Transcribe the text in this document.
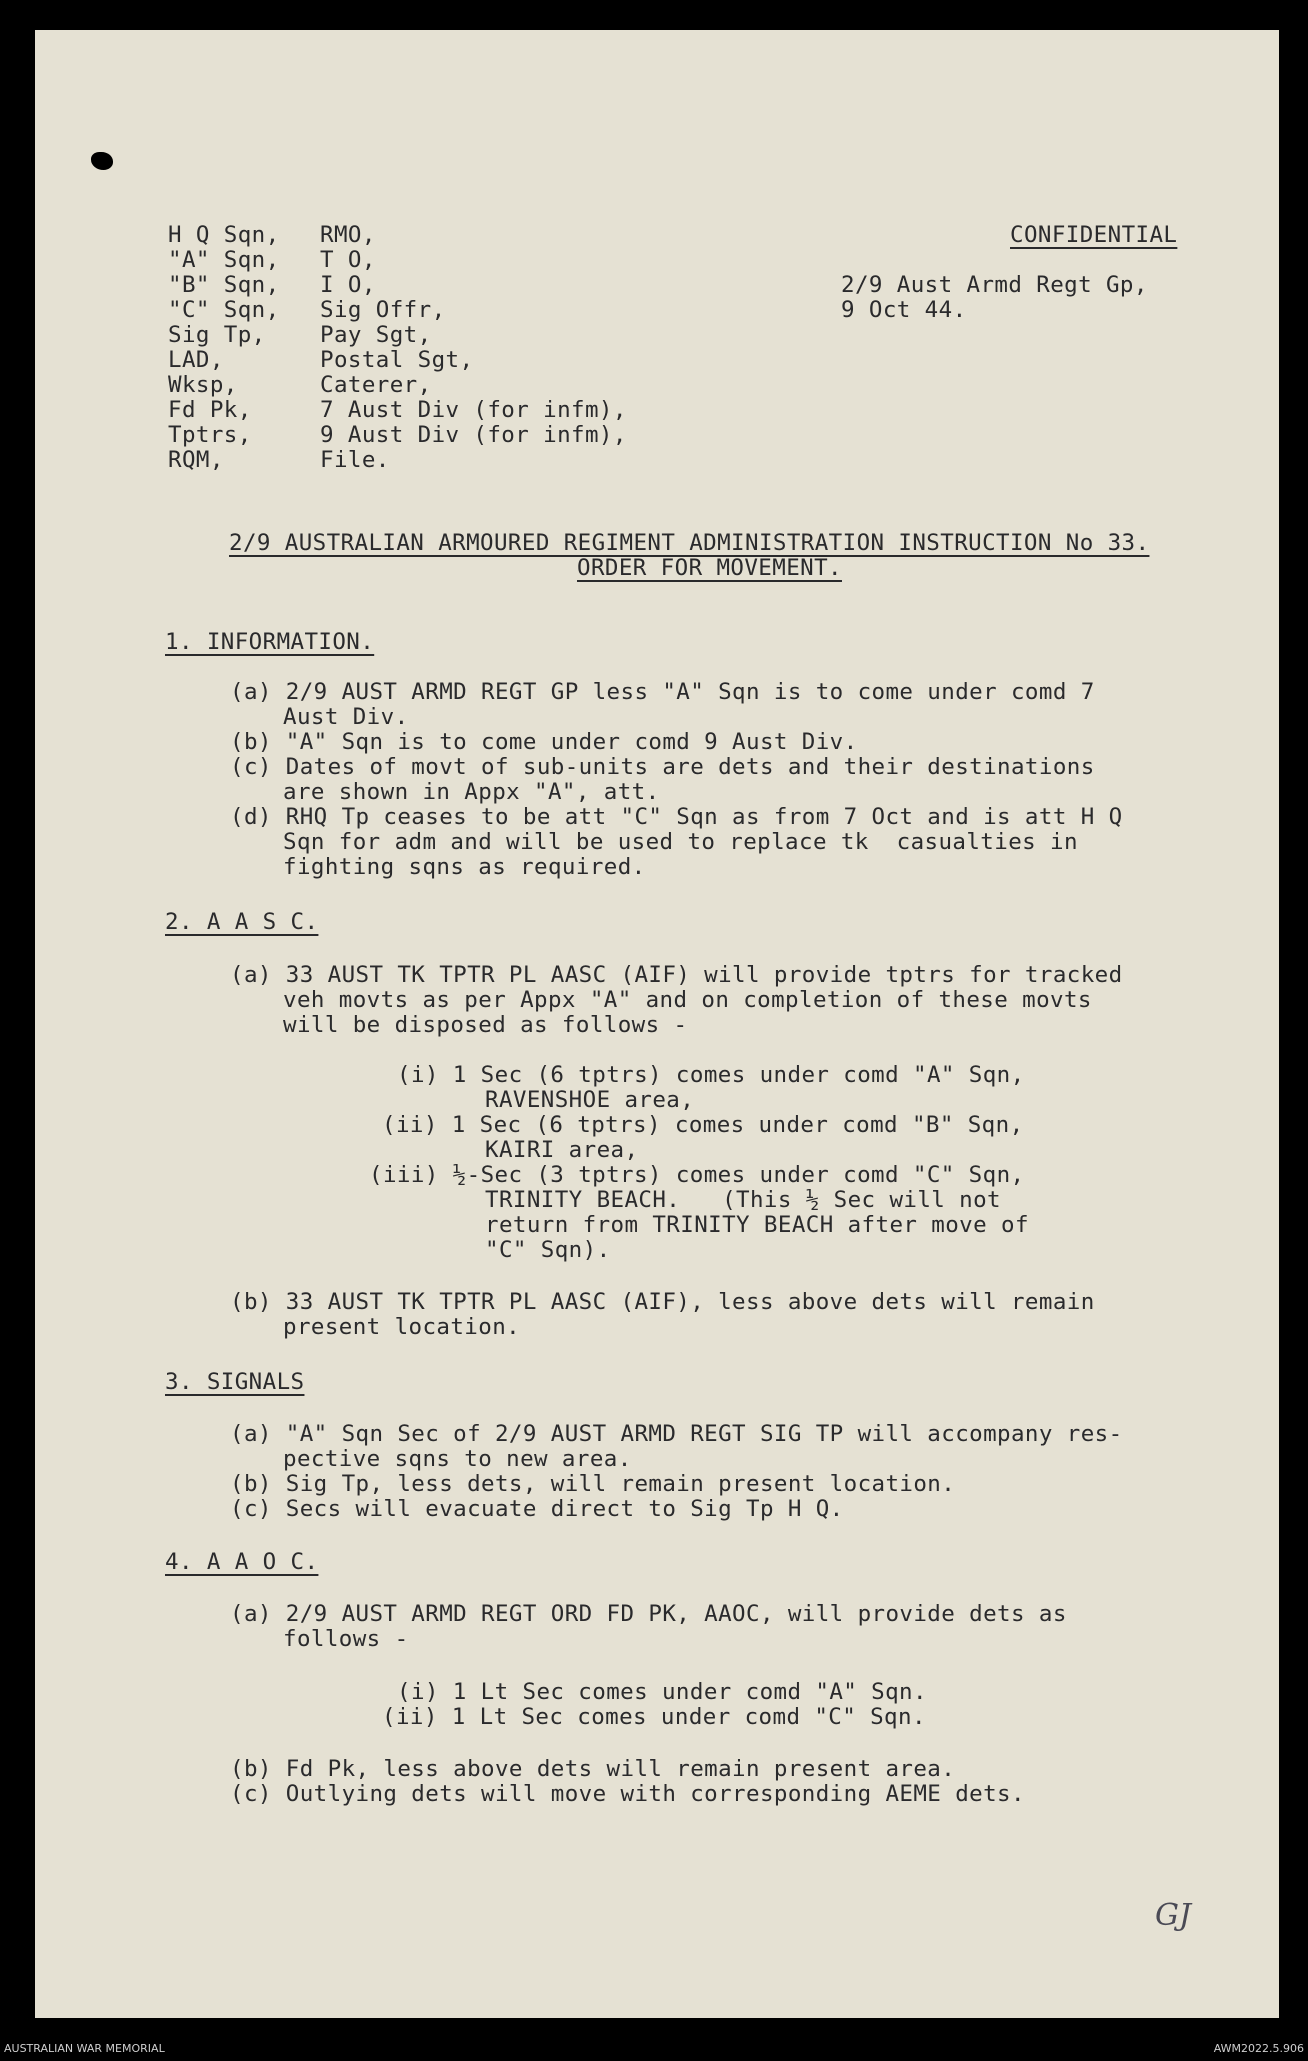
H Q Sqn,
"A" Sqn,
"B" Sqn,
"C" Sqn,
Sig Tp,
LAD,
Wksp,
Fd Pk,
Tptrs,
RQM,
RMO,
T O,
I O,
Sig Offr,
Pay Sgt,
Postal Sgt,
Caterer,
7 Aust Div (for infm),
9 Aust Div (for infm),
File.
CONFIDENTIAL
2/9 Aust Armd Regt Gp,
9 Oct 44.
2/9 AUSTRALIAN ARMOURED REGIMENT ADMINISTRATION INSTRUCTION No 33.
ORDER FOR MOVEMENT.
1. INFORMATION.
(a) 2/9 AUST ARMD REGT GP less "A" Sqn is to come under comd 7
Aust Div.
(b) "A" Sqn is to come under comd 9 Aust Div.
(c) Dates of movt of sub-units are dets and their destinations
are shown in Appx "A", att.
(d) RHQ Tp ceases to be att "C" Sqn as from 7 Oct and is att H Q
Sqn for adm and will be used to replace tk  casualties in
fighting sqns as required.
2. A A S C.
(a) 33 AUST TK TPTR PL AASC (AIF) will provide tptrs for tracked
veh movts as per Appx "A" and on completion of these movts
will be disposed as follows -
(i) 1 Sec (6 tptrs) comes under comd "A" Sqn,
RAVENSHOE area,
(ii) 1 Sec (6 tptrs) comes under comd "B" Sqn,
KAIRI area,
(iii) ½-Sec (3 tptrs) comes under comd "C" Sqn,
TRINITY BEACH.   (This ½ Sec will not
return from TRINITY BEACH after move of
"C" Sqn).
(b) 33 AUST TK TPTR PL AASC (AIF), less above dets will remain
present location.
3. SIGNALS
(a) "A" Sqn Sec of 2/9 AUST ARMD REGT SIG TP will accompany res-
pective sqns to new area.
(b) Sig Tp, less dets, will remain present location.
(c) Secs will evacuate direct to Sig Tp H Q.
4. A A O C.
(a) 2/9 AUST ARMD REGT ORD FD PK, AAOC, will provide dets as
follows -
(i) 1 Lt Sec comes under comd "A" Sqn.
(ii) 1 Lt Sec comes under comd "C" Sqn.
(b) Fd Pk, less above dets will remain present area.
(c) Outlying dets will move with corresponding AEME dets.
GJ
AUSTRALIAN WAR MEMORIAL	AWM2022.5.906
